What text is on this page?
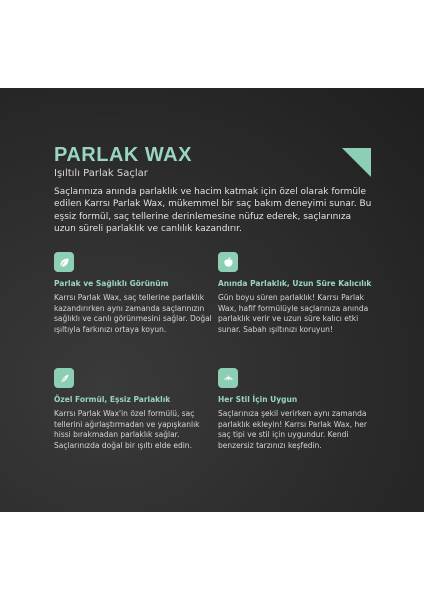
PARLAK WAX
Işıltılı Parlak Saçlar
Saçlarınıza anında parlaklık ve hacim katmak için özel olarak formüle edilen Karrsı Parlak Wax, mükemmel bir saç bakım deneyimi sunar. Bu eşsiz formül, saç tellerine derinlemesine nüfuz ederek, saçlarınıza uzun süreli parlaklık ve canlılık kazandırır.
Parlak ve Sağlıklı Görünüm
Karrsı Parlak Wax, saç tellerine parlaklık kazandırırken aynı zamanda saçlarınızın sağlıklı ve canlı görünmesini sağlar. Doğal ışıltıyla farkınızı ortaya koyun.
Anında Parlaklık, Uzun Süre Kalıcılık
Gün boyu süren parlaklık! Karrsı Parlak Wax, hafif formülüyle saçlarınıza anında parlaklık verir ve uzun süre kalıcı etki sunar. Sabah ışıltınızı koruyun!
Özel Formül, Eşsiz Parlaklık
Karrsı Parlak Wax'in özel formülü, saç tellerini ağırlaştırmadan ve yapışkanlık hissi bırakmadan parlaklık sağlar. Saçlarınızda doğal bir ışıltı elde edin.
Her Stil İçin Uygun
Saçlarınıza şekil verirken aynı zamanda parlaklık ekleyin! Karrsı Parlak Wax, her saç tipi ve stil için uygundur. Kendi benzersiz tarzınızı keşfedin.
